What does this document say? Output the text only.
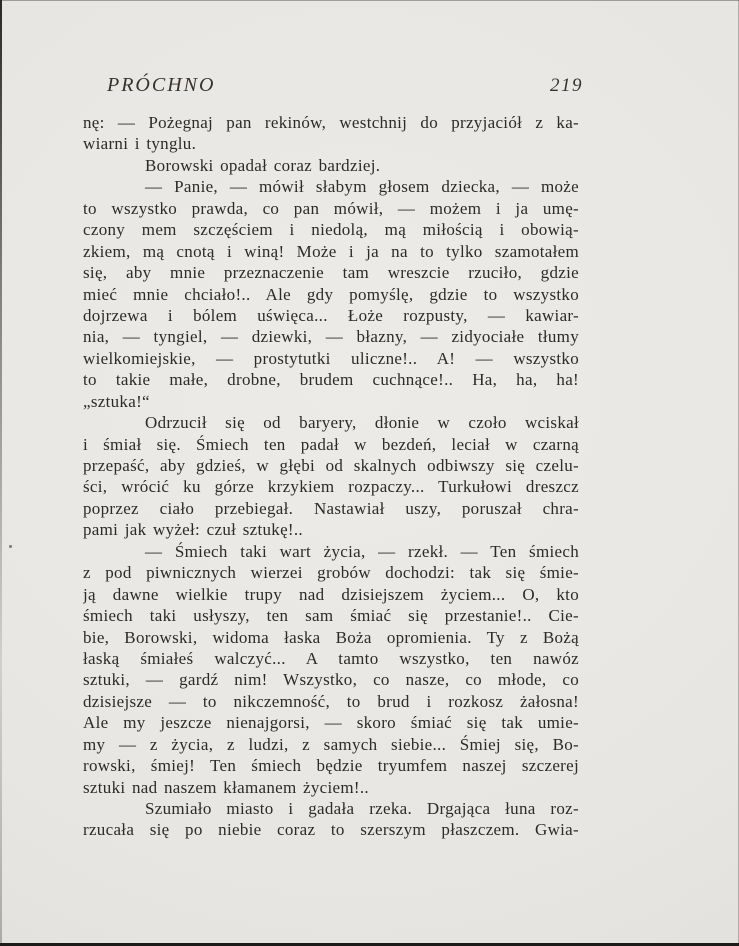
PRÓCHNO	219
nę: — Pożegnaj pan rekinów, westchnij do przyjaciół z ka-
wiarni i tynglu.
Borowski opadał coraz bardziej.
— Panie, — mówił słabym głosem dziecka, — może
to wszystko prawda, co pan mówił, — możem i ja umę-
czony mem szczęściem i niedolą, mą miłością i obowią-
zkiem, mą cnotą i winą! Może i ja na to tylko szamotałem
się, aby mnie przeznaczenie tam wreszcie rzuciło, gdzie
mieć mnie chciało!.. Ale gdy pomyślę, gdzie to wszystko
dojrzewa i bólem uświęca... Łoże rozpusty, — kawiar-
nia, — tyngiel, — dziewki, — błazny, — zidyociałe tłumy
wielkomiejskie, — prostytutki uliczne!.. A! — wszystko
to takie małe, drobne, brudem cuchnące!.. Ha, ha, ha!
„sztuka!“
Odrzucił się od baryery, dłonie w czoło wciskał
i śmiał się. Śmiech ten padał w bezdeń, leciał w czarną
przepaść, aby gdzieś, w głębi od skalnych odbiwszy się czelu-
ści, wrócić ku górze krzykiem rozpaczy... Turkułowi dreszcz
poprzez ciało przebiegał. Nastawiał uszy, poruszał chra-
pami jak wyżeł: czuł sztukę!..
— Śmiech taki wart życia, — rzekł. — Ten śmiech
z pod piwnicznych wierzei grobów dochodzi: tak się śmie-
ją dawne wielkie trupy nad dzisiejszem życiem... O, kto
śmiech taki usłyszy, ten sam śmiać się przestanie!.. Cie-
bie, Borowski, widoma łaska Boża opromienia. Ty z Bożą
łaską śmiałeś walczyć... A tamto wszystko, ten nawóz
sztuki, — gardź nim! Wszystko, co nasze, co młode, co
dzisiejsze — to nikczemność, to brud i rozkosz żałosna!
Ale my jeszcze nienajgorsi, — skoro śmiać się tak umie-
my — z życia, z ludzi, z samych siebie... Śmiej się, Bo-
rowski, śmiej! Ten śmiech będzie tryumfem naszej szczerej
sztuki nad naszem kłamanem życiem!..
Szumiało miasto i gadała rzeka. Drgająca łuna roz-
rzucała się po niebie coraz to szerszym płaszczem. Gwia-
